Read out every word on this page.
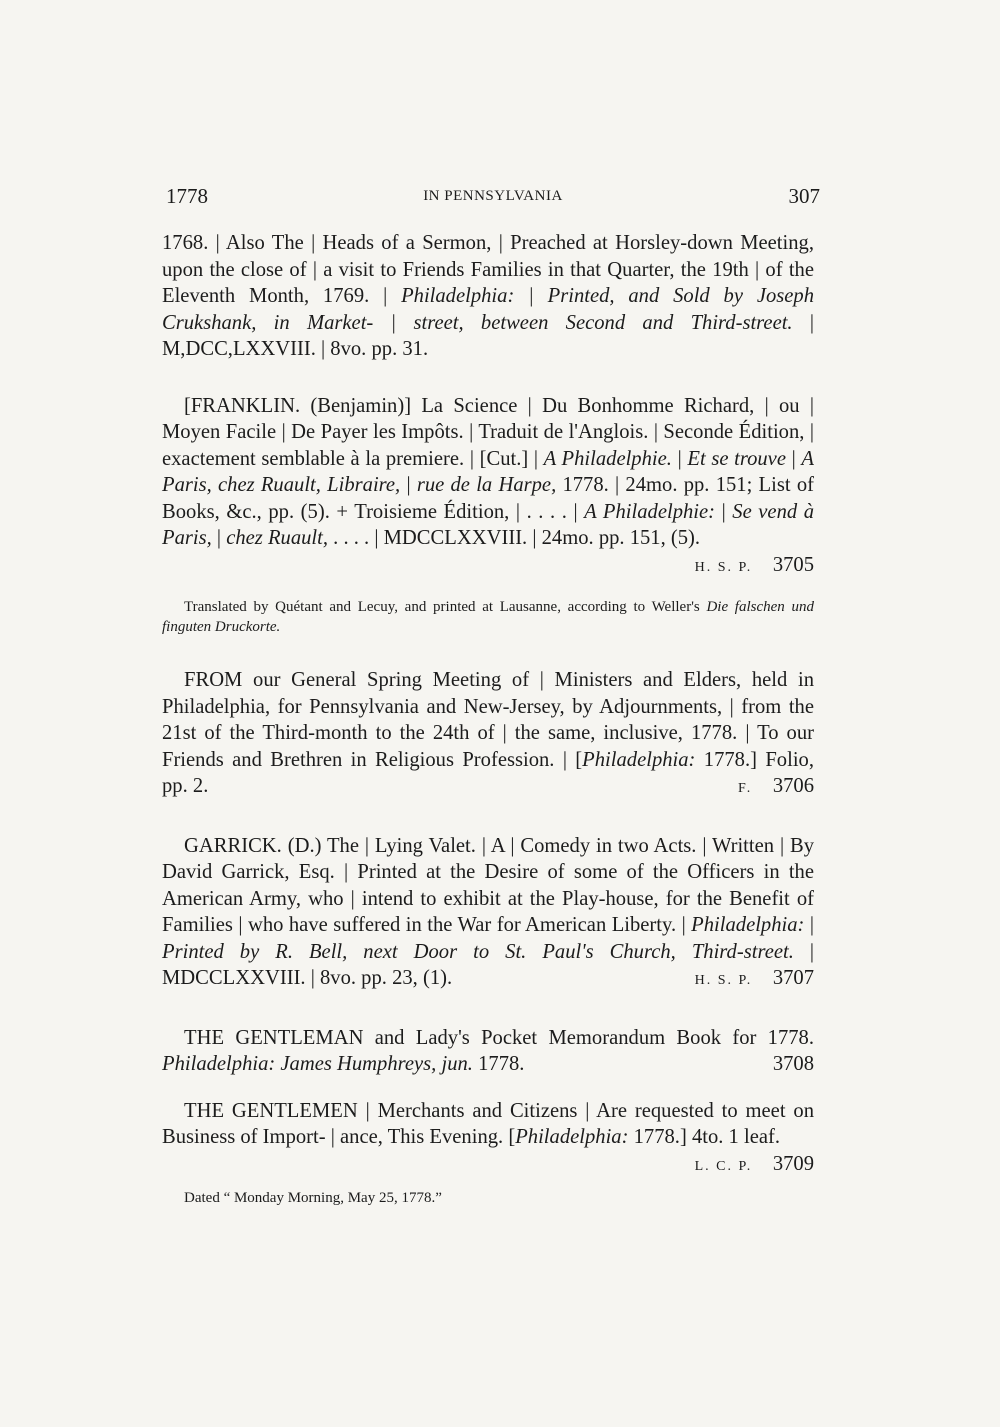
1778	IN PENNSYLVANIA	307

1768. | Also The | Heads of a Sermon, | Preached at Horsley-down Meeting, upon the close of | a visit to Friends Families in that Quarter, the 19th | of the Eleventh Month, 1769. | Philadelphia: | Printed, and Sold by Joseph Crukshank, in Market- | street, between Second and Third-street. | M,DCC,LXXVIII. | 8vo. pp. 31.

[FRANKLIN. (Benjamin)] La Science | Du Bonhomme Richard, | ou | Moyen Facile | De Payer les Impôts. | Traduit de l'Anglois. | Seconde Édition, | exactement semblable à la premiere. | [Cut.] | A Philadelphie. | Et se trouve | A Paris, chez Ruault, Libraire, | rue de la Harpe, 1778. | 24mo. pp. 151; List of Books, &c., pp. (5). + Troisieme Édition, | . . . . | A Philadelphie: | Se vend à Paris, | chez Ruault, . . . . | MDCCLXXVIII. | 24mo. pp. 151, (5).
H. S. P.  3705

Translated by Quétant and Lecuy, and printed at Lausanne, according to Weller's Die falschen und finguten Druckorte.

FROM our General Spring Meeting of | Ministers and Elders, held in Philadelphia, for Pennsylvania and New-Jersey, by Adjournments, | from the 21st of the Third-month to the 24th of | the same, inclusive, 1778. | To our Friends and Brethren in Religious Profession. | [Philadelphia: 1778.] Folio, pp. 2.	F.  3706

GARRICK. (D.) The | Lying Valet. | A | Comedy in two Acts. | Written | By David Garrick, Esq. | Printed at the Desire of some of the Officers in the American Army, who | intend to exhibit at the Play-house, for the Benefit of Families | who have suffered in the War for American Liberty. | Philadelphia: | Printed by R. Bell, next Door to St. Paul's Church, Third-street. | MDCCLXXVIII. | 8vo. pp. 23, (1).	H. S. P.  3707

THE GENTLEMAN and Lady's Pocket Memorandum Book for 1778. Philadelphia: James Humphreys, jun. 1778.	3708

THE GENTLEMEN | Merchants and Citizens | Are requested to meet on Business of Import- | ance, This Evening. [Philadelphia: 1778.] 4to. 1 leaf.
L. C. P.  3709

Dated “ Monday Morning, May 25, 1778.”
